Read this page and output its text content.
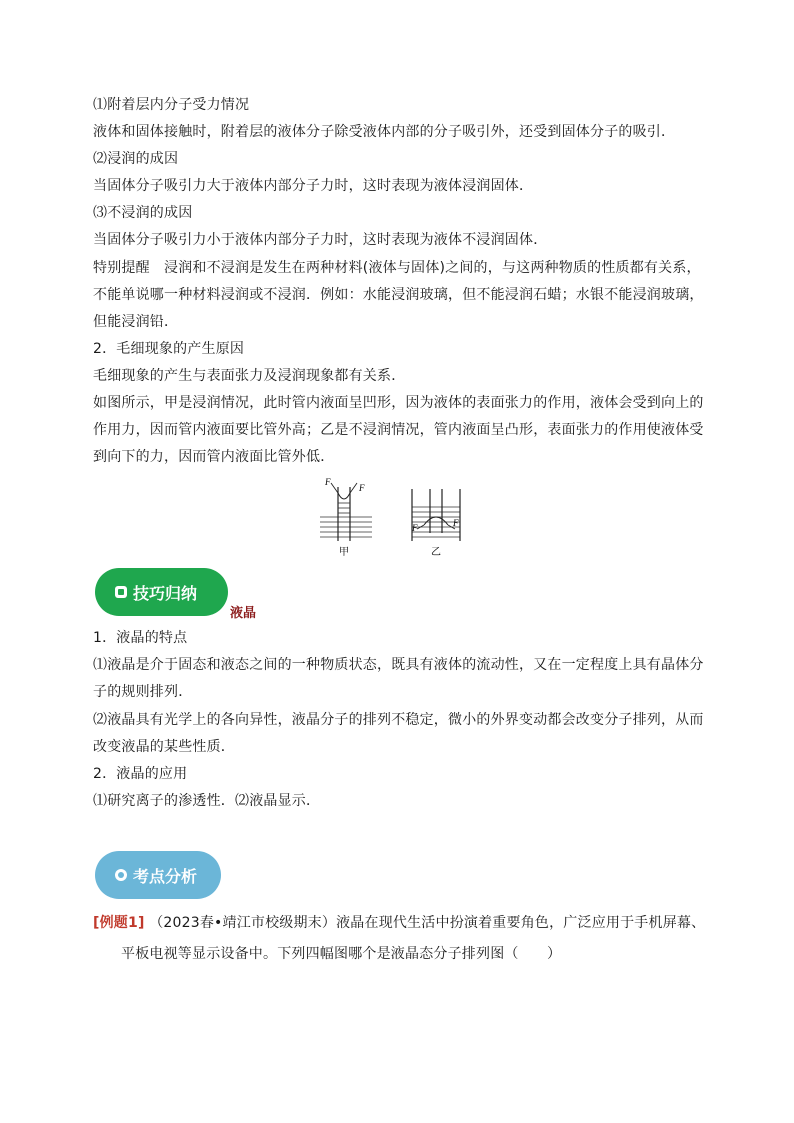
⑴附着层内分子受力情况
液体和固体接触时，附着层的液体分子除受液体内部的分子吸引外，还受到固体分子的吸引．
⑵浸润的成因
当固体分子吸引力大于液体内部分子力时，这时表现为液体浸润固体．
⑶不浸润的成因
当固体分子吸引力小于液体内部分子力时，这时表现为液体不浸润固体．
特别提醒　浸润和不浸润是发生在两种材料(液体与固体)之间的，与这两种物质的性质都有关系，
不能单说哪一种材料浸润或不浸润．例如：水能浸润玻璃，但不能浸润石蜡；水银不能浸润玻璃，
但能浸润铅．
2．毛细现象的产生原因
毛细现象的产生与表面张力及浸润现象都有关系．
如图所示，甲是浸润情况，此时管内液面呈凹形，因为液体的表面张力的作用，液体会受到向上的
作用力，因而管内液面要比管外高；乙是不浸润情况，管内液面呈凸形，表面张力的作用使液体受
到向下的力，因而管内液面比管外低．
F
F
甲
F	F
乙
技巧归纳
液晶
1．液晶的特点
⑴液晶是介于固态和液态之间的一种物质状态，既具有液体的流动性，又在一定程度上具有晶体分
子的规则排列．
⑵液晶具有光学上的各向异性，液晶分子的排列不稳定，微小的外界变动都会改变分子排列，从而
改变液晶的某些性质．
2．液晶的应用
⑴研究离子的渗透性．⑵液晶显示．
考点分析
[例题1] （2023春•靖江市校级期末）液晶在现代生活中扮演着重要角色，广泛应用于手机屏幕、
平板电视等显示设备中。下列四幅图哪个是液晶态分子排列图（　　）
